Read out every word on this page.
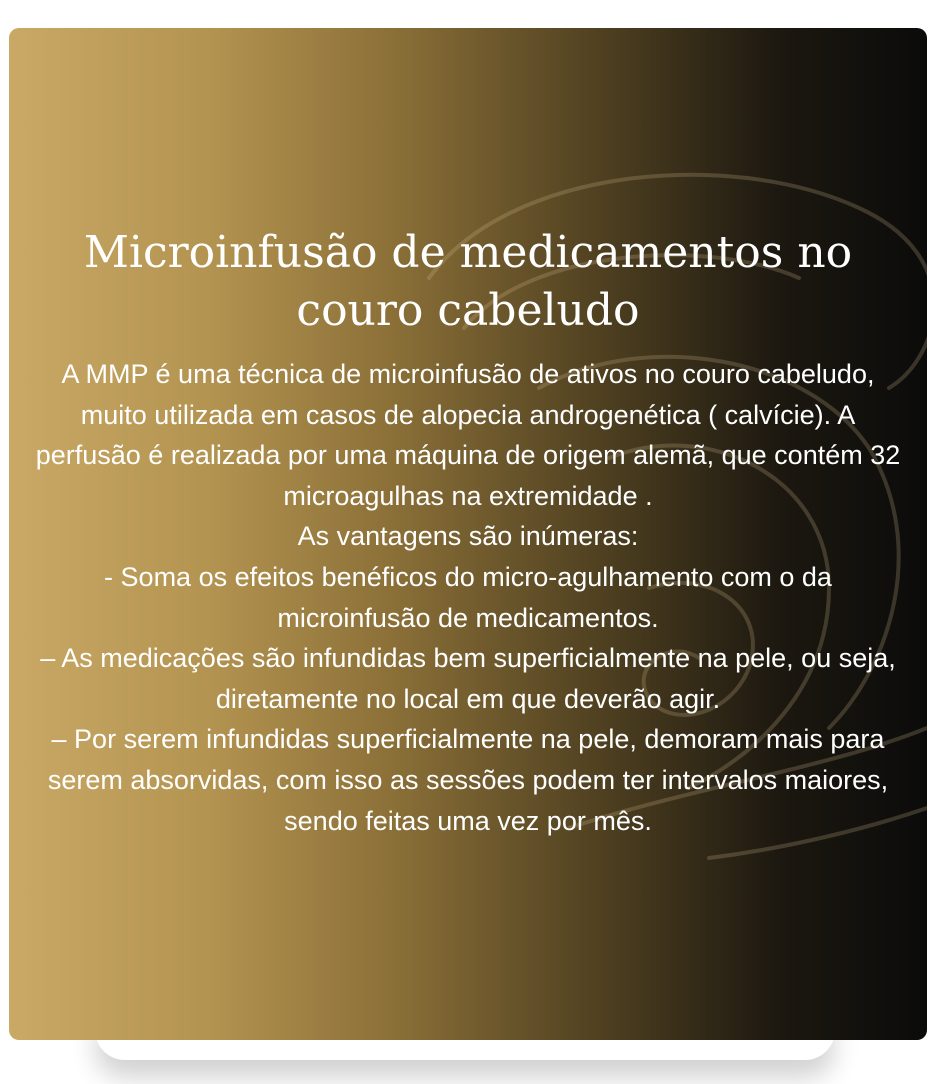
Microinfusão de medicamentos no couro cabeludo

A MMP é uma técnica de microinfusão de ativos no couro cabeludo, muito utilizada em casos de alopecia androgenética ( calvície). A perfusão é realizada por uma máquina de origem alemã, que contém 32 microagulhas na extremidade .

As vantagens são inúmeras:

- Soma os efeitos benéficos do micro-agulhamento com o da microinfusão de medicamentos.

– As medicações são infundidas bem superficialmente na pele, ou seja, diretamente no local em que deverão agir.

– Por serem infundidas superficialmente na pele, demoram mais para serem absorvidas, com isso as sessões podem ter intervalos maiores, sendo feitas uma vez por mês.
